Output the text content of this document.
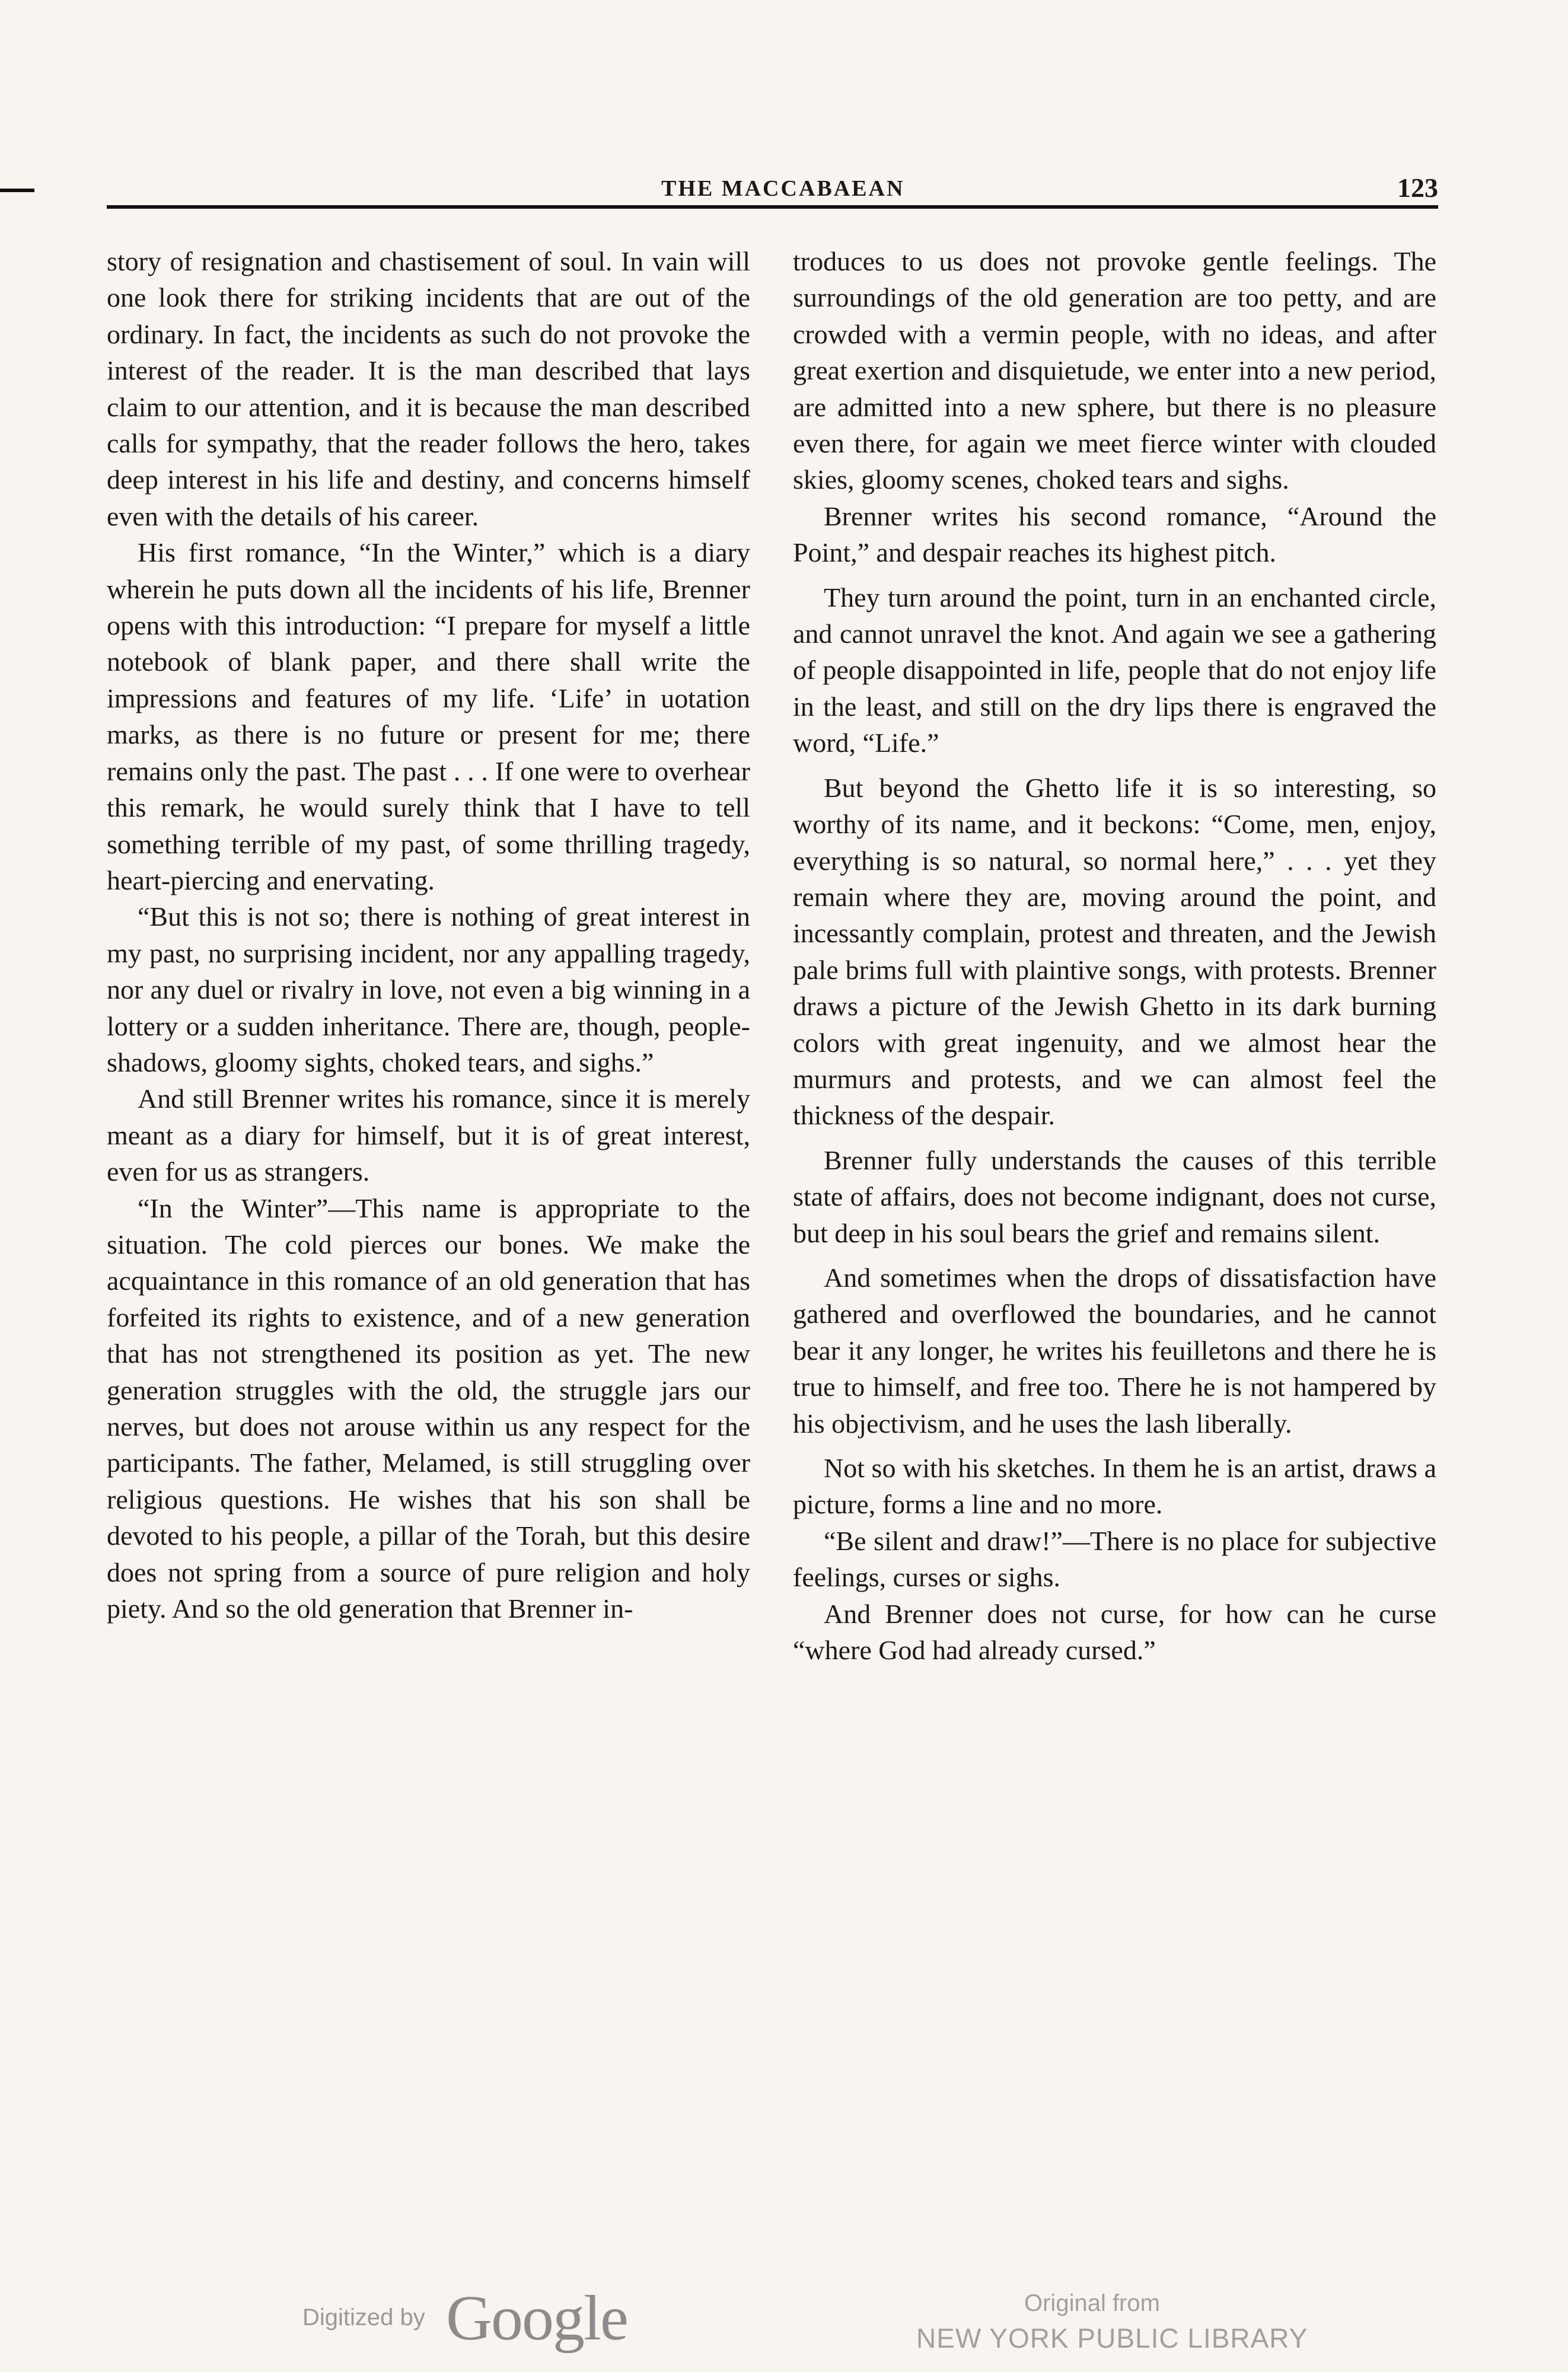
THE MACCABAEAN	123

story of resignation and chastisement of soul. In vain will one look there for striking incidents that are out of the ordinary. In fact, the incidents as such do not provoke the interest of the reader. It is the man described that lays claim to our attention, and it is because the man described calls for sympathy, that the reader follows the hero, takes deep interest in his life and destiny, and concerns himself even with the details of his career.

His first romance, “In the Winter,” which is a diary wherein he puts down all the incidents of his life, Brenner opens with this introduction: “I prepare for myself a little notebook of blank paper, and there shall write the impressions and features of my life. ‘Life’ in uotation marks, as there is no future or present for me; there remains only the past. The past . . . If one were to overhear this remark, he would surely think that I have to tell something terrible of my past, of some thrilling tragedy, heart-piercing and enervating.

“But this is not so; there is nothing of great interest in my past, no surprising incident, nor any appalling tragedy, nor any duel or rivalry in love, not even a big winning in a lottery or a sudden inheritance. There are, though, people-shadows, gloomy sights, choked tears, and sighs.”

And still Brenner writes his romance, since it is merely meant as a diary for himself, but it is of great interest, even for us as strangers.

“In the Winter”—This name is appropriate to the situation. The cold pierces our bones. We make the acquaintance in this romance of an old generation that has forfeited its rights to existence, and of a new generation that has not strengthened its position as yet. The new generation struggles with the old, the struggle jars our nerves, but does not arouse within us any respect for the participants. The father, Melamed, is still struggling over religious questions. He wishes that his son shall be devoted to his people, a pillar of the Torah, but this desire does not spring from a source of pure religion and holy piety. And so the old generation that Brenner in-

troduces to us does not provoke gentle feelings. The surroundings of the old generation are too petty, and are crowded with a vermin people, with no ideas, and after great exertion and disquietude, we enter into a new period, are admitted into a new sphere, but there is no pleasure even there, for again we meet fierce winter with clouded skies, gloomy scenes, choked tears and sighs.

Brenner writes his second romance, “Around the Point,” and despair reaches its highest pitch.

They turn around the point, turn in an enchanted circle, and cannot unravel the knot. And again we see a gathering of people disappointed in life, people that do not enjoy life in the least, and still on the dry lips there is engraved the word, “Life.”

But beyond the Ghetto life it is so interesting, so worthy of its name, and it beckons: “Come, men, enjoy, everything is so natural, so normal here,” . . . yet they remain where they are, moving around the point, and incessantly complain, protest and threaten, and the Jewish pale brims full with plaintive songs, with protests. Brenner draws a picture of the Jewish Ghetto in its dark burning colors with great ingenuity, and we almost hear the murmurs and protests, and we can almost feel the thickness of the despair.

Brenner fully understands the causes of this terrible state of affairs, does not become indignant, does not curse, but deep in his soul bears the grief and remains silent.

And sometimes when the drops of dissatisfaction have gathered and overflowed the boundaries, and he cannot bear it any longer, he writes his feuilletons and there he is true to himself, and free too. There he is not hampered by his objectivism, and he uses the lash liberally.

Not so with his sketches. In them he is an artist, draws a picture, forms a line and no more.

“Be silent and draw!”—There is no place for subjective feelings, curses or sighs.

And Brenner does not curse, for how can he curse “where God had already cursed.”

Digitized by Google	Original from
NEW YORK PUBLIC LIBRARY
